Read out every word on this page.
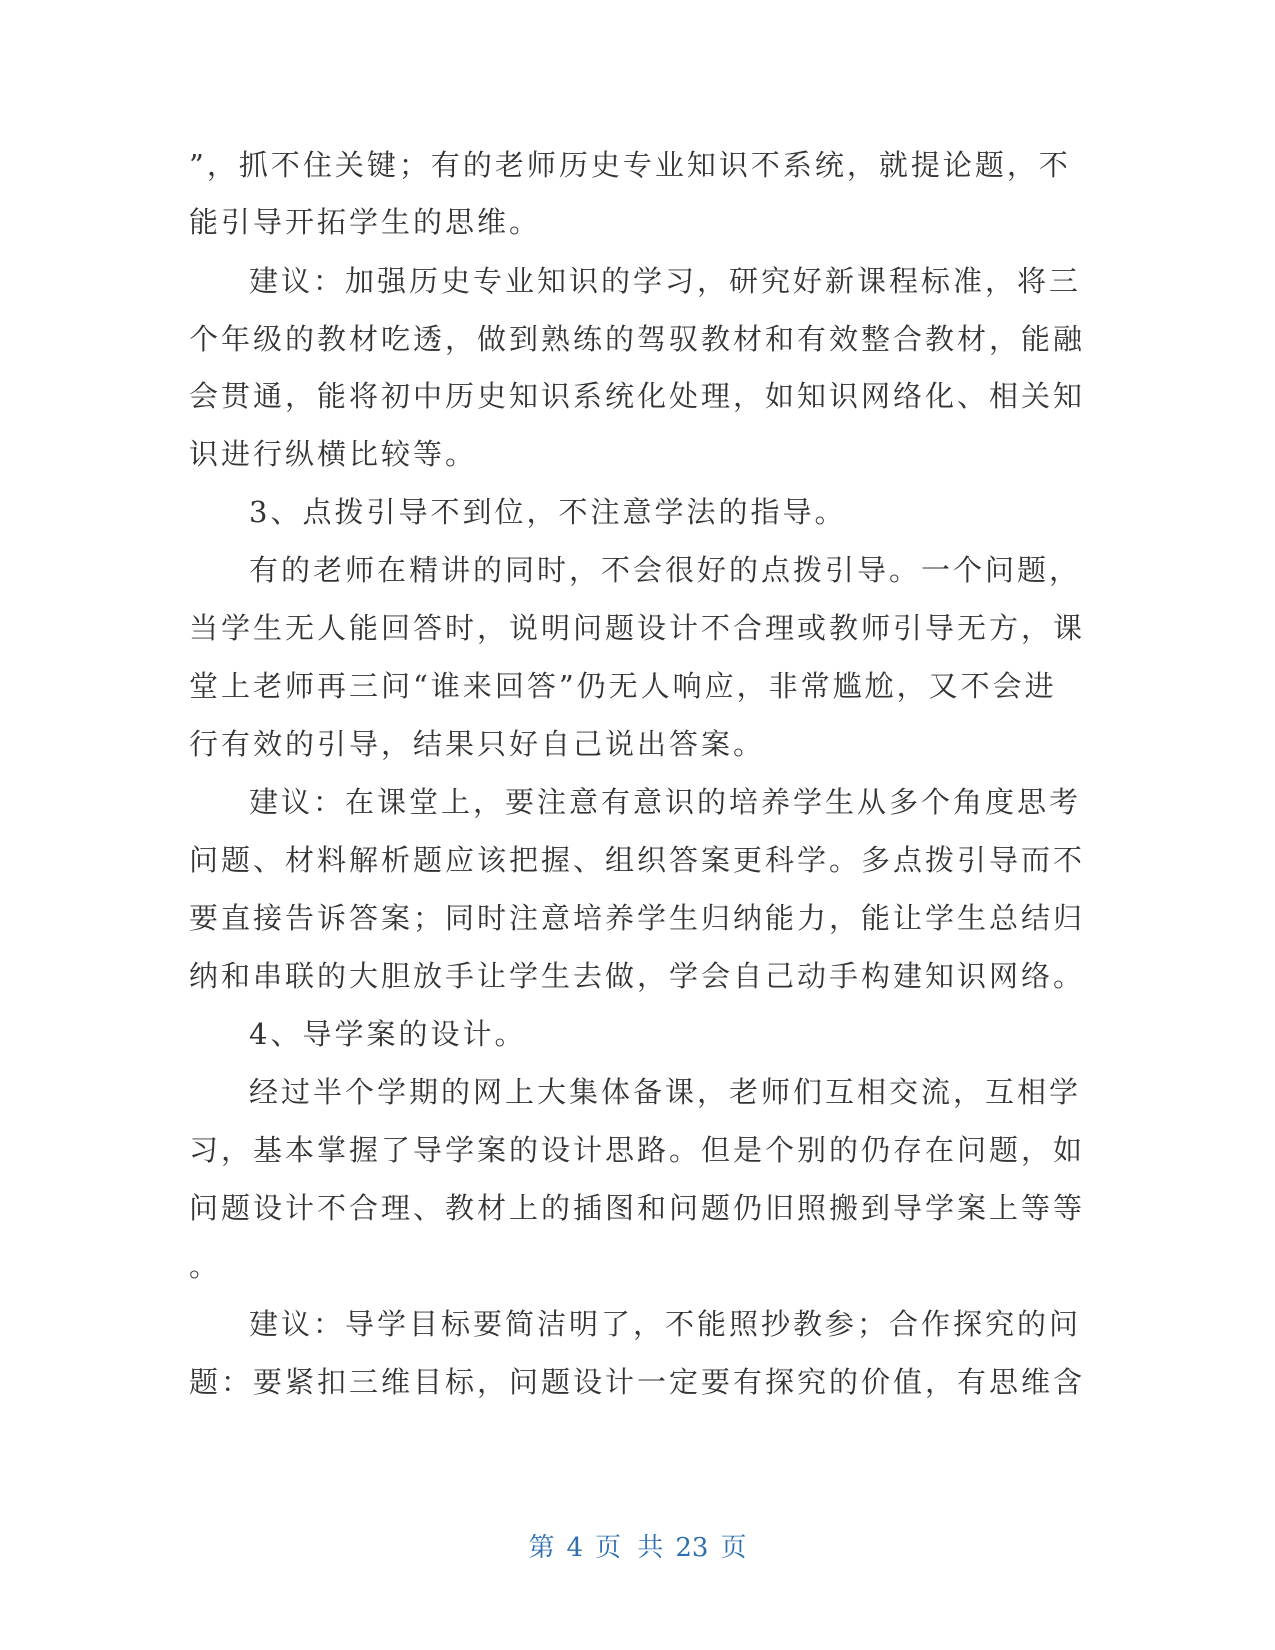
”，抓不住关键；有的老师历史专业知识不系统，就提论题，不
能引导开拓学生的思维。
建议：加强历史专业知识的学习，研究好新课程标准，将三
个年级的教材吃透，做到熟练的驾驭教材和有效整合教材，能融
会贯通，能将初中历史知识系统化处理，如知识网络化、相关知
识进行纵横比较等。
3、点拨引导不到位，不注意学法的指导。
有的老师在精讲的同时，不会很好的点拨引导。一个问题，
当学生无人能回答时，说明问题设计不合理或教师引导无方，课
堂上老师再三问“谁来回答”仍无人响应，非常尴尬，又不会进
行有效的引导，结果只好自己说出答案。
建议：在课堂上，要注意有意识的培养学生从多个角度思考
问题、材料解析题应该把握、组织答案更科学。多点拨引导而不
要直接告诉答案；同时注意培养学生归纳能力，能让学生总结归
纳和串联的大胆放手让学生去做，学会自己动手构建知识网络。
4、导学案的设计。
经过半个学期的网上大集体备课，老师们互相交流，互相学
习，基本掌握了导学案的设计思路。但是个别的仍存在问题，如
问题设计不合理、教材上的插图和问题仍旧照搬到导学案上等等
。
建议：导学目标要简洁明了，不能照抄教参；合作探究的问
题：要紧扣三维目标，问题设计一定要有探究的价值，有思维含
第 4 页 共 23 页
